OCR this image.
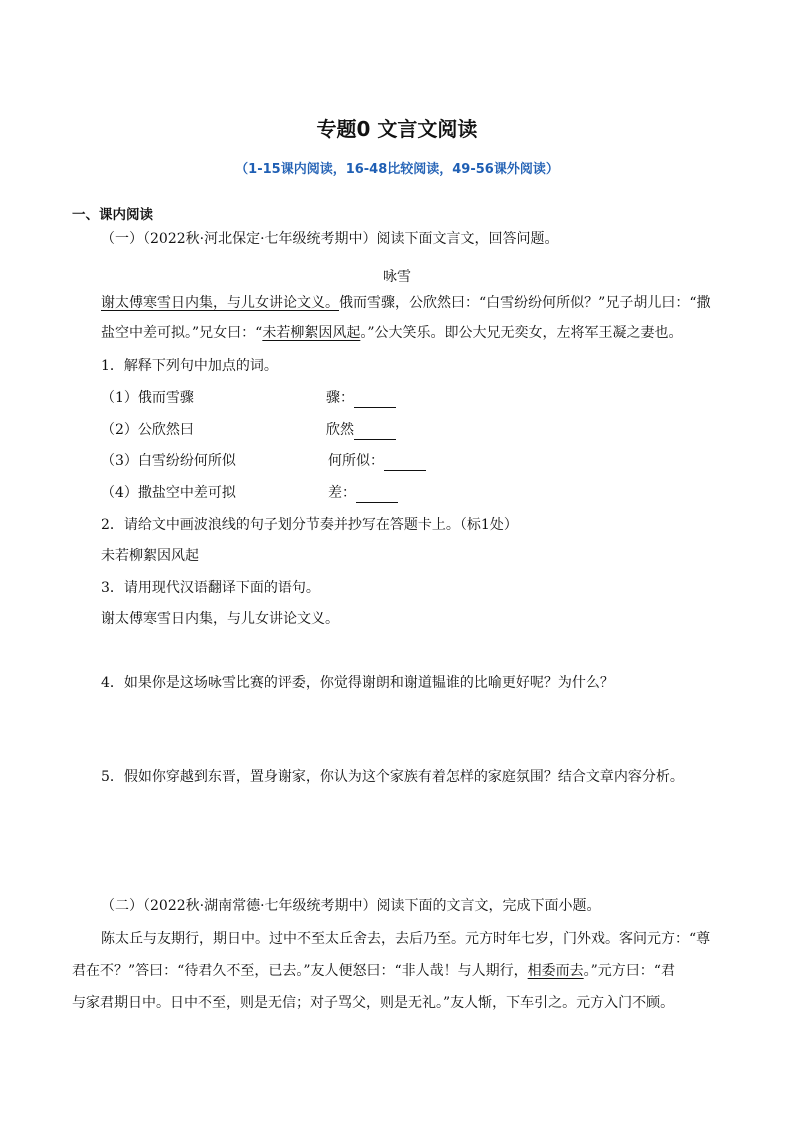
专题0 文言文阅读
（1-15课内阅读，16-48比较阅读，49-56课外阅读）
一、课内阅读
（一）（2022秋·河北保定·七年级统考期中）阅读下面文言文，回答问题。
咏雪
谢太傅寒雪日内集，与儿女讲论文义。俄而雪骤，公欣然曰：“白雪纷纷何所似？”兄子胡儿曰：“撒
盐空中差可拟。”兄女曰：“未若柳絮因风起。”公大笑乐。即公大兄无奕女，左将军王凝之妻也。
1．解释下列句中加点的词。
（1）俄而雪骤	骤：
（2）公欣然曰	欣然
（3）白雪纷纷何所似	何所似：
（4）撒盐空中差可拟	差：
2．请给文中画波浪线的句子划分节奏并抄写在答题卡上。（标1处）
未若柳絮因风起
3．请用现代汉语翻译下面的语句。
谢太傅寒雪日内集，与儿女讲论文义。
4．如果你是这场咏雪比赛的评委，你觉得谢朗和谢道韫谁的比喻更好呢？为什么？
5．假如你穿越到东晋，置身谢家，你认为这个家族有着怎样的家庭氛围？结合文章内容分析。
（二）（2022秋·湖南常德·七年级统考期中）阅读下面的文言文，完成下面小题。
陈太丘与友期行，期日中。过中不至太丘舍去，去后乃至。元方时年七岁，门外戏。客问元方：“尊
君在不？”答曰：“待君久不至，已去。”友人便怒曰：“非人哉！与人期行，相委而去。”元方曰：“君
与家君期日中。日中不至，则是无信；对子骂父，则是无礼。”友人惭，下车引之。元方入门不顾。
